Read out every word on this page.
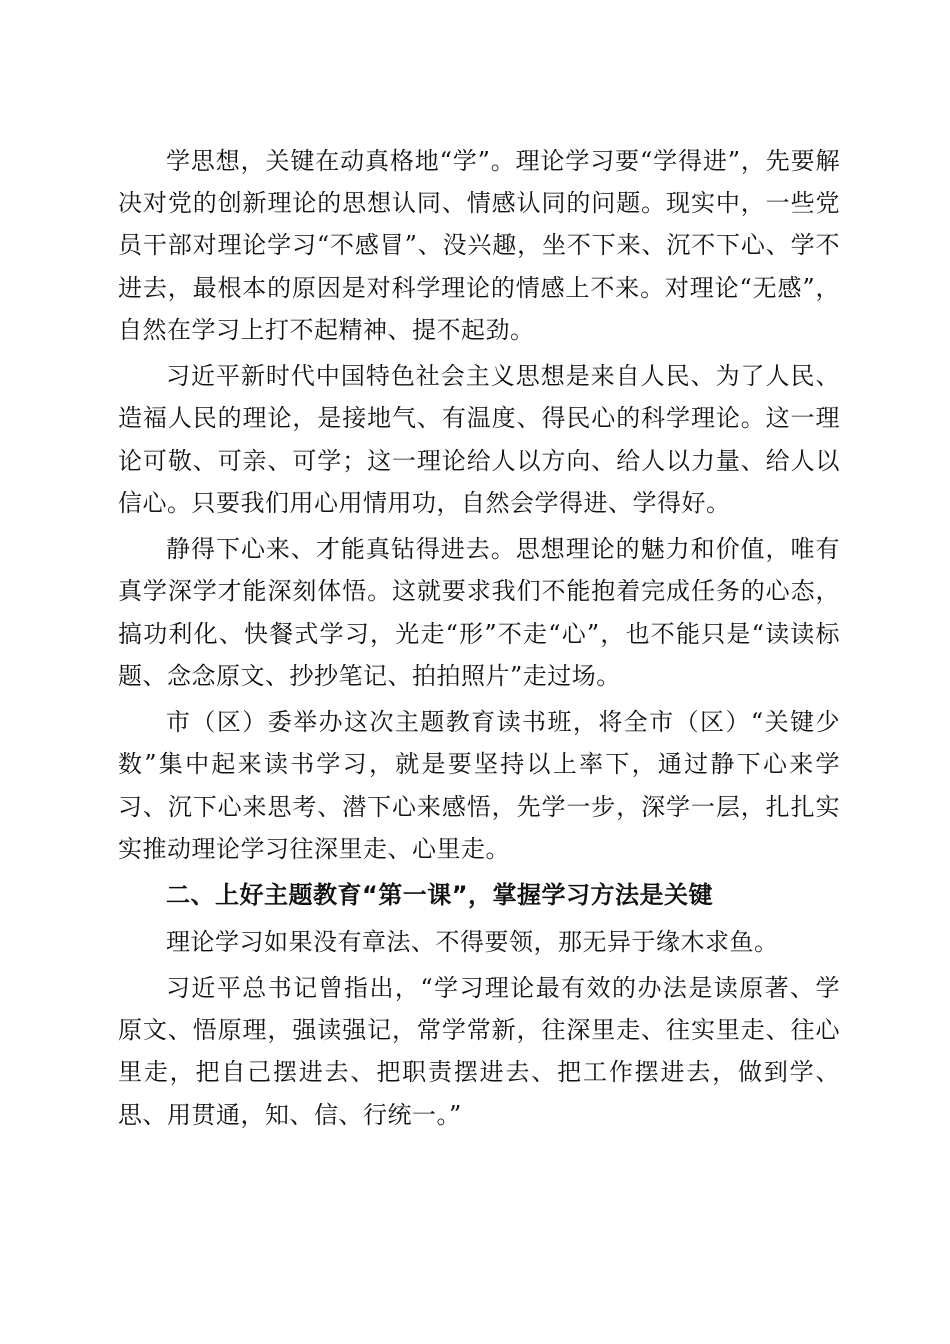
学思想，关键在动真格地“学”。理论学习要“学得进”，先要解决对党的创新理论的思想认同、情感认同的问题。现实中，一些党员干部对理论学习“不感冒”、没兴趣，坐不下来、沉不下心、学不进去，最根本的原因是对科学理论的情感上不来。对理论“无感”，自然在学习上打不起精神、提不起劲。

习近平新时代中国特色社会主义思想是来自人民、为了人民、造福人民的理论，是接地气、有温度、得民心的科学理论。这一理论可敬、可亲、可学；这一理论给人以方向、给人以力量、给人以信心。只要我们用心用情用功，自然会学得进、学得好。

静得下心来、才能真钻得进去。思想理论的魅力和价值，唯有真学深学才能深刻体悟。这就要求我们不能抱着完成任务的心态，搞功利化、快餐式学习，光走“形”不走“心”，也不能只是“读读标题、念念原文、抄抄笔记、拍拍照片”走过场。

市（区）委举办这次主题教育读书班，将全市（区）“关键少数”集中起来读书学习，就是要坚持以上率下，通过静下心来学习、沉下心来思考、潜下心来感悟，先学一步，深学一层，扎扎实实推动理论学习往深里走、心里走。

二、上好主题教育“第一课”，掌握学习方法是关键

理论学习如果没有章法、不得要领，那无异于缘木求鱼。

习近平总书记曾指出，“学习理论最有效的办法是读原著、学原文、悟原理，强读强记，常学常新，往深里走、往实里走、往心里走，把自己摆进去、把职责摆进去、把工作摆进去，做到学、思、用贯通，知、信、行统一。”
